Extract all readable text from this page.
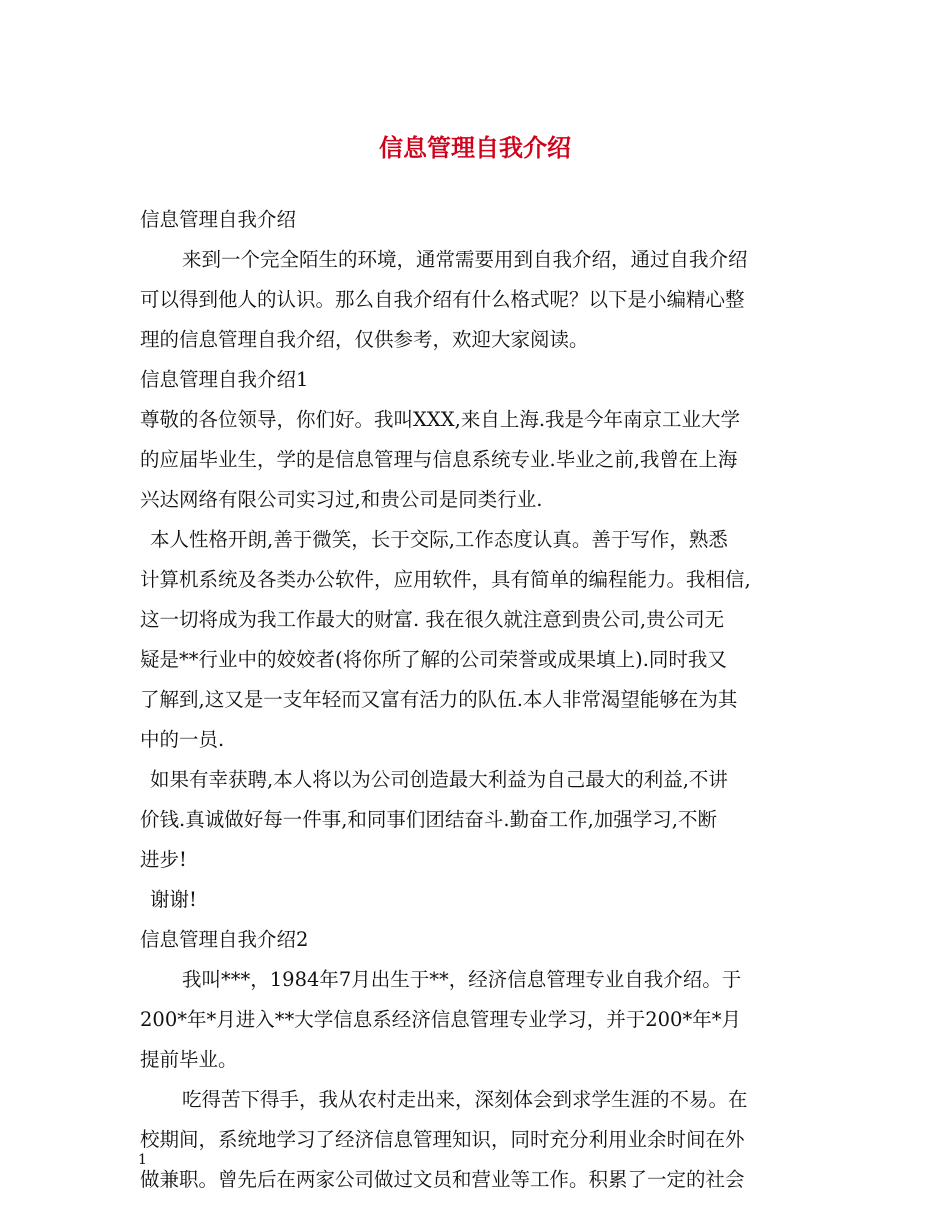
信息管理自我介绍
信息管理自我介绍
来到一个完全陌生的环境，通常需要用到自我介绍，通过自我介绍
可以得到他人的认识。那么自我介绍有什么格式呢？以下是小编精心整
理的信息管理自我介绍，仅供参考，欢迎大家阅读。
信息管理自我介绍1
尊敬的各位领导，你们好。我叫XXX,来自上海.我是今年南京工业大学
的应届毕业生，学的是信息管理与信息系统专业.毕业之前,我曾在上海
兴达网络有限公司实习过,和贵公司是同类行业.
本人性格开朗,善于微笑，长于交际,工作态度认真。善于写作，熟悉
计算机系统及各类办公软件，应用软件，具有简单的编程能力。我相信,
这一切将成为我工作最大的财富. 我在很久就注意到贵公司,贵公司无
疑是**行业中的姣姣者(将你所了解的公司荣誉或成果填上).同时我又
了解到,这又是一支年轻而又富有活力的队伍.本人非常渴望能够在为其
中的一员.
如果有幸获聘,本人将以为公司创造最大利益为自己最大的利益,不讲
价钱.真诚做好每一件事,和同事们团结奋斗.勤奋工作,加强学习,不断
进步!
谢谢!
信息管理自我介绍2
我叫***，1984年7月出生于**，经济信息管理专业自我介绍。于
200*年*月进入**大学信息系经济信息管理专业学习，并于200*年*月
提前毕业。
吃得苦下得手，我从农村走出来，深刻体会到求学生涯的不易。在
校期间，系统地学习了经济信息管理知识，同时充分利用业余时间在外
做兼职。曾先后在两家公司做过文员和营业等工作。积累了一定的社会
1
